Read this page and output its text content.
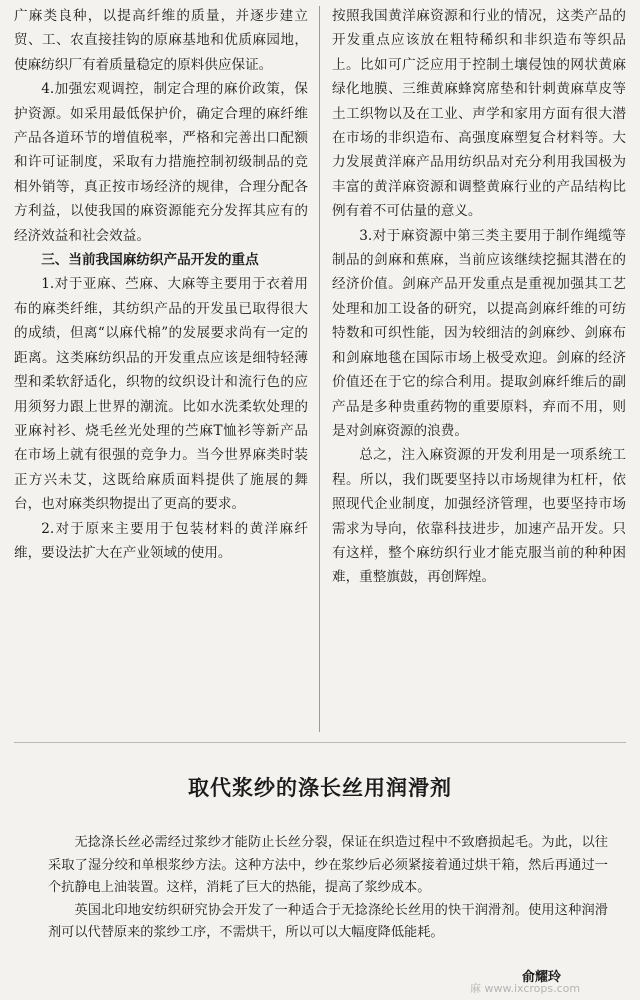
广麻类良种，以提高纤维的质量，并逐步建立贸、工、农直接挂钩的原麻基地和优质麻园地，使麻纺织厂有着质量稳定的原料供应保证。

4.加强宏观调控，制定合理的麻价政策，保护资源。如采用最低保护价，确定合理的麻纤维产品各道环节的增值税率，严格和完善出口配额和许可证制度，采取有力措施控制初级制品的竞相外销等，真正按市场经济的规律，合理分配各方利益，以使我国的麻资源能充分发挥其应有的经济效益和社会效益。

三、当前我国麻纺织产品开发的重点

1.对于亚麻、苎麻、大麻等主要用于衣着用布的麻类纤维，其纺织产品的开发虽已取得很大的成绩，但离“以麻代棉”的发展要求尚有一定的距离。这类麻纺织品的开发重点应该是细特轻薄型和柔软舒适化，织物的纹织设计和流行色的应用须努力跟上世界的潮流。比如水洗柔软处理的亚麻衬衫、烧毛丝光处理的苎麻T恤衫等新产品在市场上就有很强的竞争力。当今世界麻类时装正方兴未艾，这既给麻质面料提供了施展的舞台，也对麻类织物提出了更高的要求。

2.对于原来主要用于包装材料的黄洋麻纤维，要设法扩大在产业领域的使用。

按照我国黄洋麻资源和行业的情况，这类产品的开发重点应该放在粗特稀织和非织造布等织品上。比如可广泛应用于控制土壤侵蚀的网状黄麻绿化地膜、三维黄麻蜂窝席垫和针刺黄麻草皮等土工织物以及在工业、声学和家用方面有很大潜在市场的非织造布、高强度麻塑复合材料等。大力发展黄洋麻产品用纺织品对充分利用我国极为丰富的黄洋麻资源和调整黄麻行业的产品结构比例有着不可估量的意义。

3.对于麻资源中第三类主要用于制作绳缆等制品的剑麻和蕉麻，当前应该继续挖掘其潜在的经济价值。剑麻产品开发重点是重视加强其工艺处理和加工设备的研究，以提高剑麻纤维的可纺特数和可织性能，因为较细洁的剑麻纱、剑麻布和剑麻地毯在国际市场上极受欢迎。剑麻的经济价值还在于它的综合利用。提取剑麻纤维后的副产品是多种贵重药物的重要原料，弃而不用，则是对剑麻资源的浪费。

总之，注入麻资源的开发利用是一项系统工程。所以，我们既要坚持以市场规律为杠杆，依照现代企业制度，加强经济管理，也要坚持市场需求为导向，依靠科技进步，加速产品开发。只有这样，整个麻纺织行业才能克服当前的种种困难，重整旗鼓，再创辉煌。

取代浆纱的涤长丝用润滑剂

无捻涤长丝必需经过浆纱才能防止长丝分裂，保证在织造过程中不致磨损起毛。为此，以往采取了湿分绞和单根浆纱方法。这种方法中，纱在浆纱后必须紧接着通过烘干箱，然后再通过一个抗静电上油装置。这样，消耗了巨大的热能，提高了浆纱成本。

英国北印地安纺织研究协会开发了一种适合于无捻涤纶长丝用的快干润滑剂。使用这种润滑剂可以代替原来的浆纱工序，不需烘干，所以可以大幅度降低能耗。

俞耀玲
麻 www.ixcrops.com
